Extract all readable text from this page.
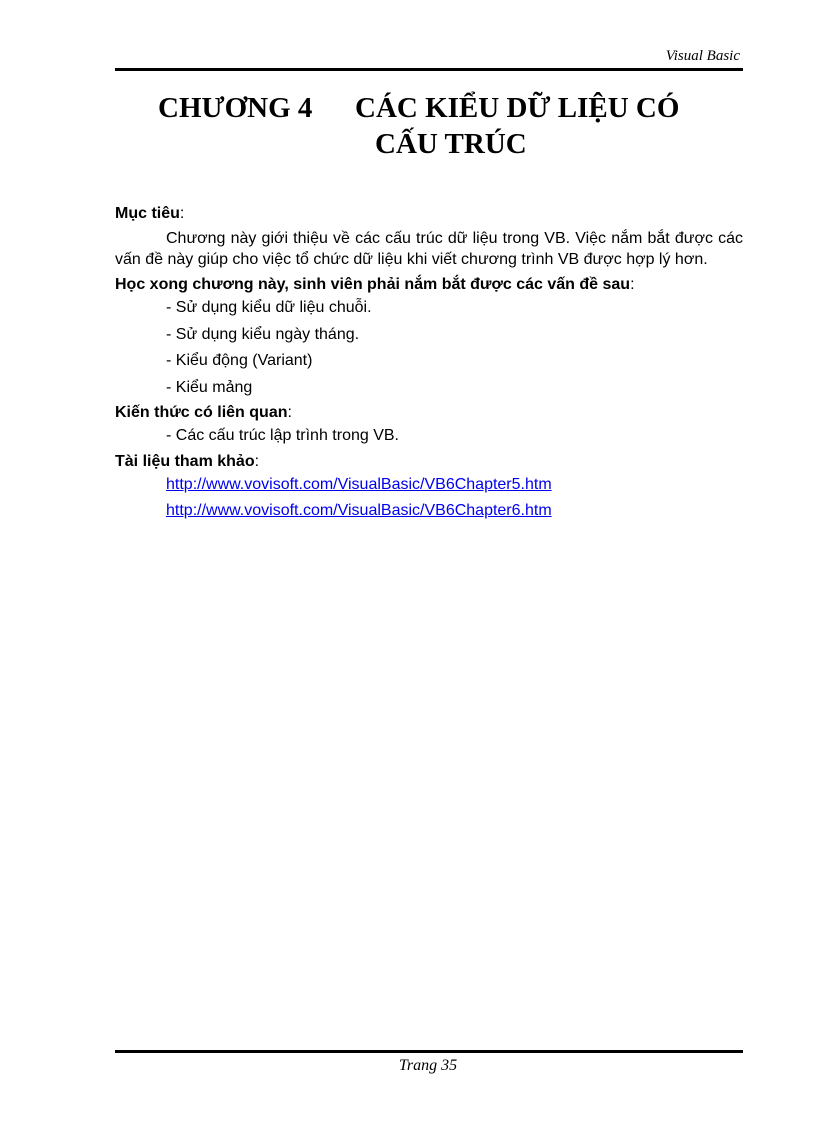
Visual Basic
CHƯƠNG 4	CÁC KIỂU DỮ LIỆU CÓ
CẤU TRÚC

Mục tiêu:

Chương này giới thiệu về các cấu trúc dữ liệu trong VB. Việc nắm bắt được các vấn đề này giúp cho việc tổ chức dữ liệu khi viết chương trình VB được hợp lý hơn.

Học xong chương này, sinh viên phải nắm bắt được các vấn đề sau:

- Sử dụng kiểu dữ liệu chuỗi.

- Sử dụng kiểu ngày tháng.

- Kiểu động (Variant)

- Kiểu mảng

Kiến thức có liên quan:

- Các cấu trúc lập trình trong VB.

Tài liệu tham khảo:

http://www.vovisoft.com/VisualBasic/VB6Chapter5.htm
http://www.vovisoft.com/VisualBasic/VB6Chapter6.htm
Trang 35
